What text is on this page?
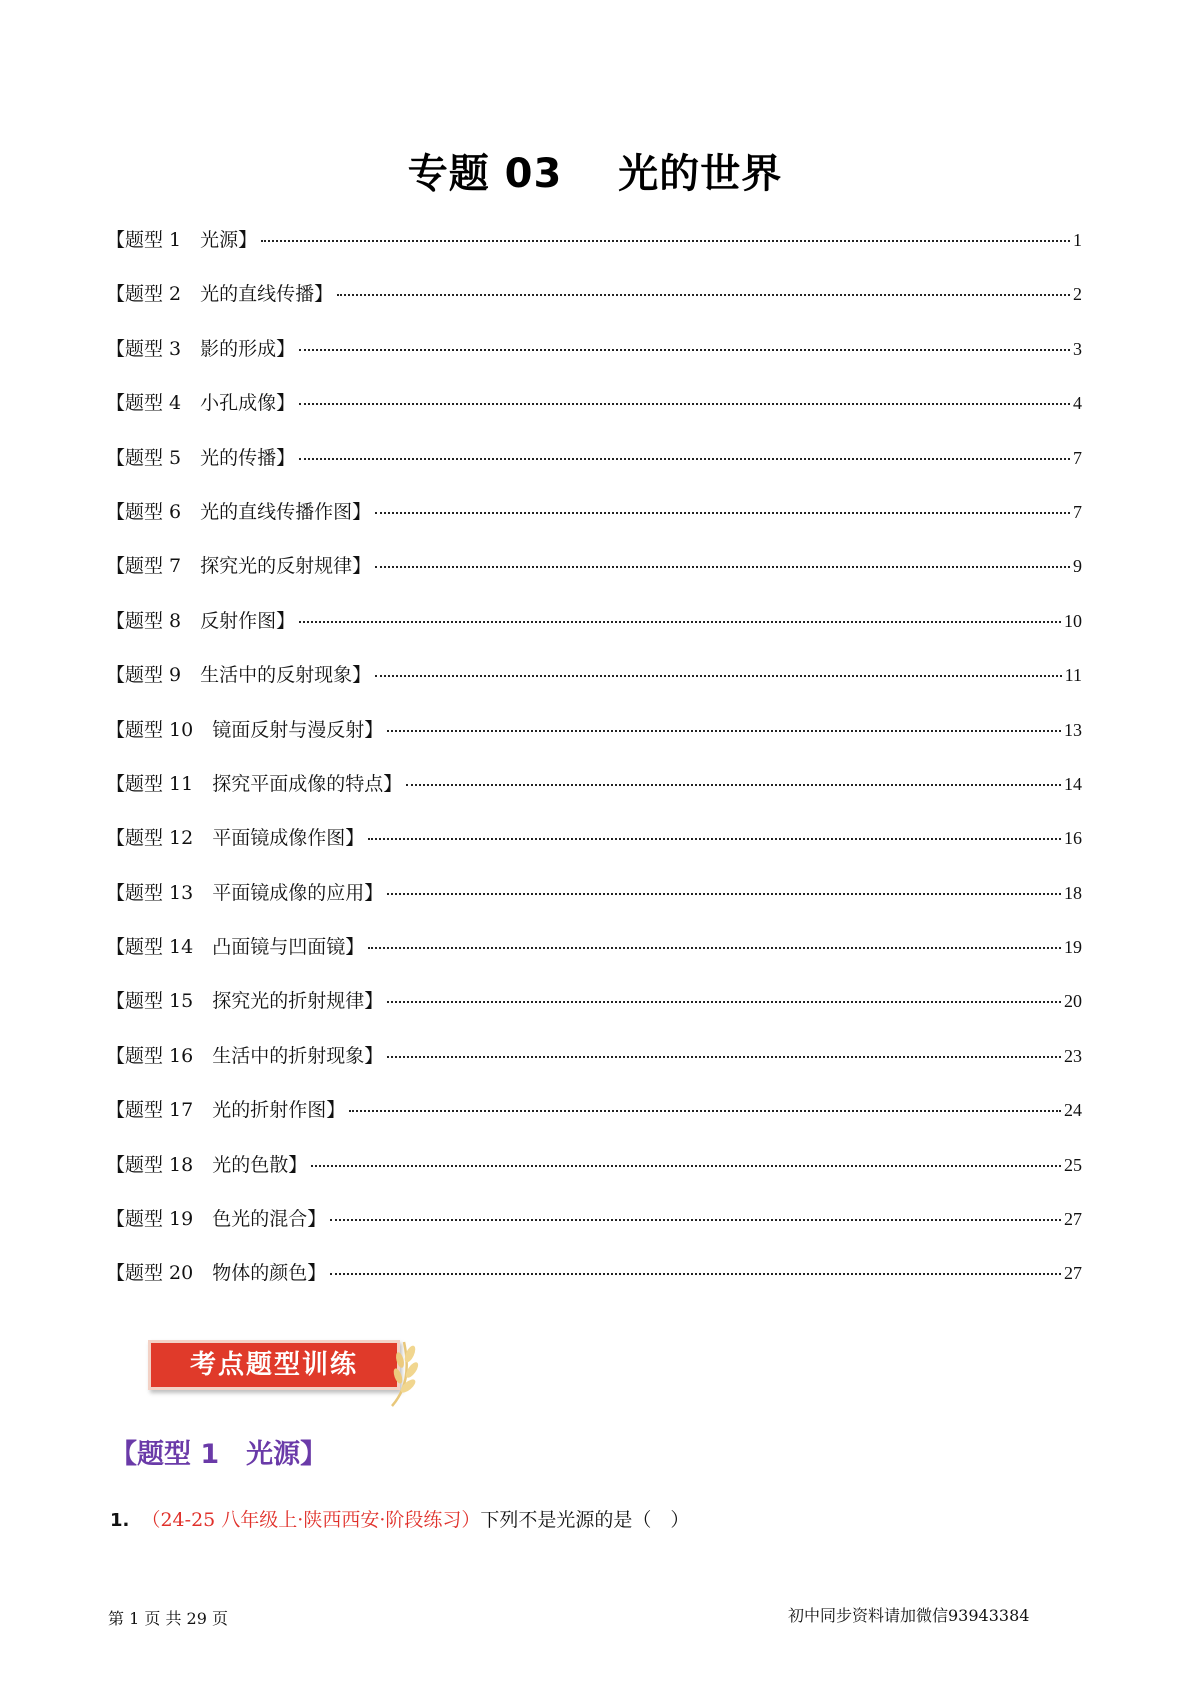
专题 03　 光的世界
【题型 1　光源】	1
【题型 2　光的直线传播】	2
【题型 3　影的形成】	3
【题型 4　小孔成像】	4
【题型 5　光的传播】	7
【题型 6　光的直线传播作图】	7
【题型 7　探究光的反射规律】	9
【题型 8　反射作图】	10
【题型 9　生活中的反射现象】	11
【题型 10　镜面反射与漫反射】	13
【题型 11　探究平面成像的特点】	14
【题型 12　平面镜成像作图】	16
【题型 13　平面镜成像的应用】	18
【题型 14　凸面镜与凹面镜】	19
【题型 15　探究光的折射规律】	20
【题型 16　生活中的折射现象】	23
【题型 17　光的折射作图】	24
【题型 18　光的色散】	25
【题型 19　色光的混合】	27
【题型 20　物体的颜色】	27
考点题型训练
【题型 1　光源】
1. （24-25 八年级上·陕西西安·阶段练习）下列不是光源的是（　）
第 1 页 共 29 页	初中同步资料请加微信93943384
